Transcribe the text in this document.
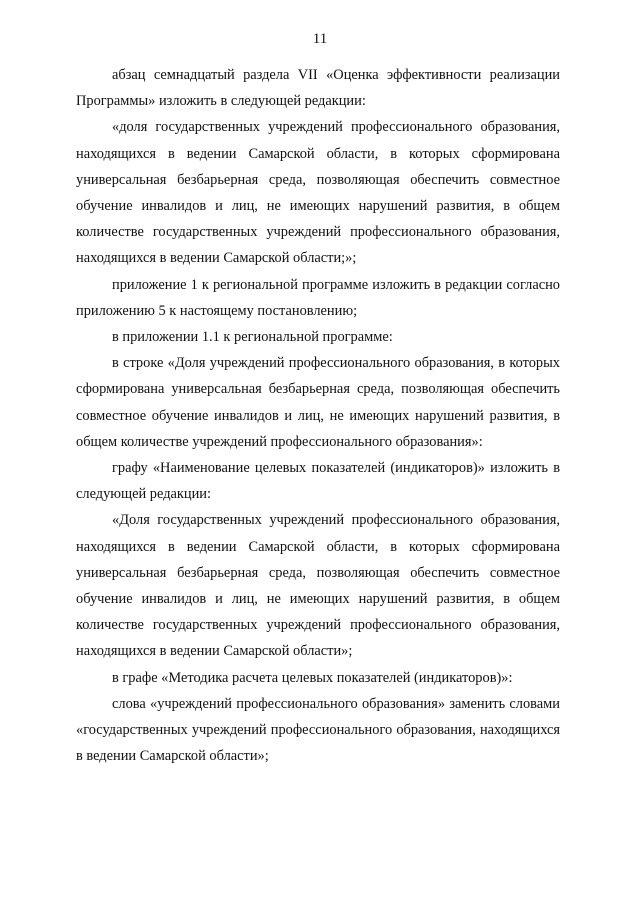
11

абзац семнадцатый раздела VII «Оценка эффективности реализации Программы» изложить в следующей редакции:

«доля государственных учреждений профессионального образования, находящихся в ведении Самарской области, в которых сформирована универсальная безбарьерная среда, позволяющая обеспечить совместное обучение инвалидов и лиц, не имеющих нарушений развития, в общем количестве государственных учреждений профессионального образования, находящихся в ведении Самарской области;»;

приложение 1 к региональной программе изложить в редакции согласно приложению 5 к настоящему постановлению;

в приложении 1.1 к региональной программе:

в строке «Доля учреждений профессионального образования, в которых сформирована универсальная безбарьерная среда, позволяющая обеспечить совместное обучение инвалидов и лиц, не имеющих нарушений развития, в общем количестве учреждений профессионального образования»:

графу «Наименование целевых показателей (индикаторов)» изложить в следующей редакции:

«Доля государственных учреждений профессионального образования, находящихся в ведении Самарской области, в которых сформирована универсальная безбарьерная среда, позволяющая обеспечить совместное обучение инвалидов и лиц, не имеющих нарушений развития, в общем количестве государственных учреждений профессионального образования, находящихся в ведении Самарской области»;

в графе «Методика расчета целевых показателей (индикаторов)»:

слова «учреждений профессионального образования» заменить словами «государственных учреждений профессионального образования, находящихся в ведении Самарской области»;
